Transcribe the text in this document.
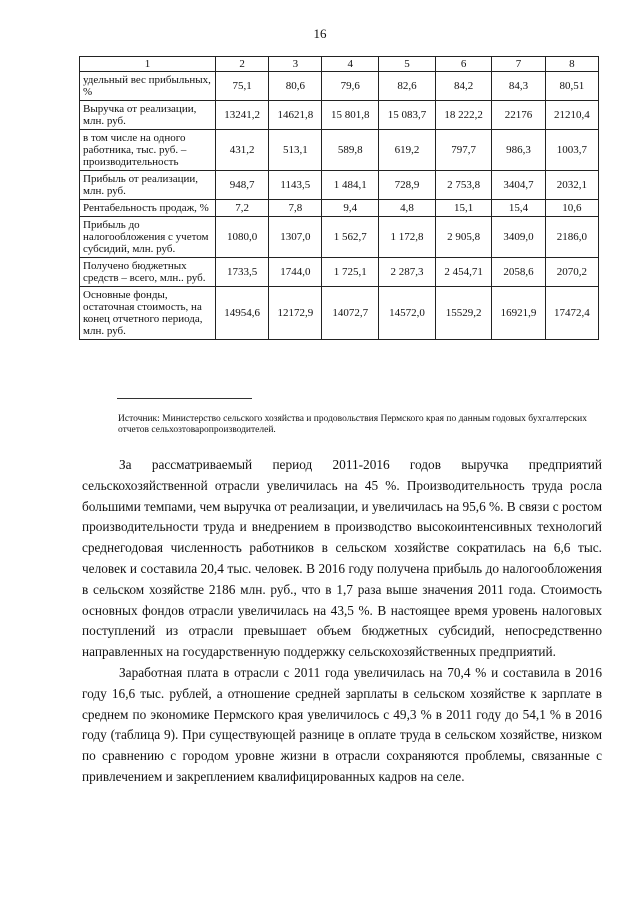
16
1	2	3	4	5	6	7	8
удельный вес прибыльных, %	75,1	80,6	79,6	82,6	84,2	84,3	80,51
Выручка от реализации, млн. руб.	13241,2	14621,8	15 801,8	15 083,7	18 222,2	22176	21210,4
в том числе на одного работника, тыс. руб. – производительность	431,2	513,1	589,8	619,2	797,7	986,3	1003,7
Прибыль от реализации, млн. руб.	948,7	1143,5	1 484,1	728,9	2 753,8	3404,7	2032,1
Рентабельность продаж, %	7,2	7,8	9,4	4,8	15,1	15,4	10,6
Прибыль до налогообложения с учетом субсидий, млн. руб.	1080,0	1307,0	1 562,7	1 172,8	2 905,8	3409,0	2186,0
Получено бюджетных средств – всего, млн.. руб.	1733,5	1744,0	1 725,1	2 287,3	2 454,71	2058,6	2070,2
Основные фонды, остаточная стоимость, на конец отчетного периода, млн. руб.	14954,6	12172,9	14072,7	14572,0	15529,2	16921,9	17472,4
Источник: Министерство сельского хозяйства и продовольствия Пермского края по данным годовых бухгалтерских отчетов сельхозтоваропроизводителей.

За рассматриваемый период 2011-2016 годов выручка предприятий сельскохозяйственной отрасли увеличилась на 45 %. Производительность труда росла большими темпами, чем выручка от реализации, и увеличилась на 95,6 %. В связи с ростом производительности труда и внедрением в производство высокоинтенсивных технологий среднегодовая численность работников в сельском хозяйстве сократилась на 6,6 тыс. человек и составила 20,4 тыс. человек. В 2016 году получена прибыль до налогообложения в сельском хозяйстве 2186 млн. руб., что в 1,7 раза выше значения 2011 года. Стоимость основных фондов отрасли увеличилась на 43,5 %. В настоящее время уровень налоговых поступлений из отрасли превышает объем бюджетных субсидий, непосредственно направленных на государственную поддержку сельскохозяйственных предприятий.

Заработная плата в отрасли с 2011 года увеличилась на 70,4 % и составила в 2016 году 16,6 тыс. рублей, а отношение средней зарплаты в сельском хозяйстве к зарплате в среднем по экономике Пермского края увеличилось с 49,3 % в 2011 году до 54,1 % в 2016 году (таблица 9). При существующей разнице в оплате труда в сельском хозяйстве, низком по сравнению с городом уровне жизни в отрасли сохраняются проблемы, связанные с привлечением и закреплением квалифицированных кадров на селе.
